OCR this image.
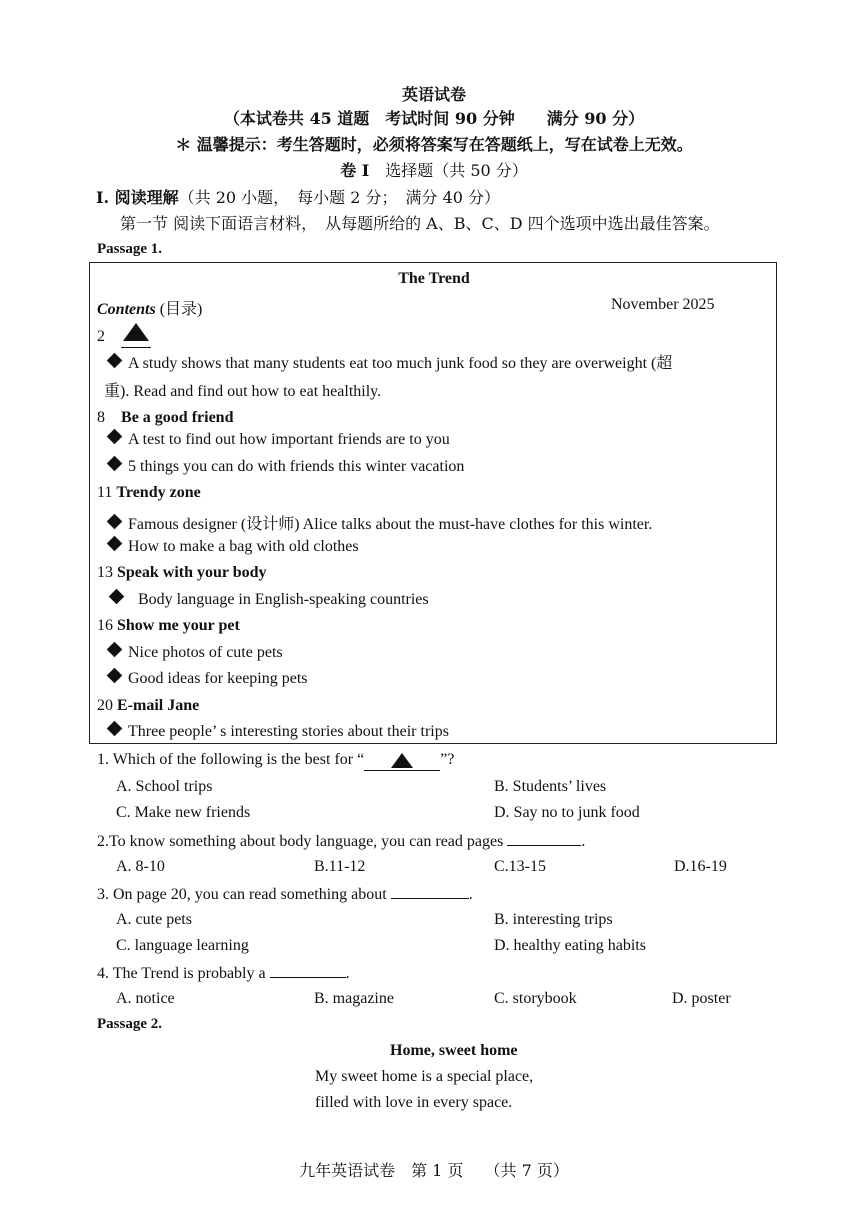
英语试卷
（本试卷共 45 道题　考试时间 90 分钟　　满分 90 分）
＊ 温馨提示：考生答题时，必须将答案写在答题纸上，写在试卷上无效。
卷 I　选择题（共 50 分）
I. 阅读理解（共 20 小题，　每小题 2 分；　满分 40 分）
第一节 阅读下面语言材料，　从每题所给的 A、B、C、D 四个选项中选出最佳答案。
Passage 1.
The Trend
Contents (目录)	November 2025
2
A study shows that many students eat too much junk food so they are overweight (超
重). Read and find out how to eat healthily.
8　 Be a good friend
A test to find out how important friends are to you
5 things you can do with friends this winter vacation
11 Trendy zone
Famous designer (设计师) Alice talks about the must-have clothes for this winter.
How to make a bag with old clothes
13 Speak with your body
Body language in English-speaking countries
16 Show me your pet
Nice photos of cute pets
Good ideas for keeping pets
20 E-mail Jane
Three people’ s interesting stories about their trips
1. Which of the following is the best for “	”?
A. School trips	B. Students’ lives
C. Make new friends	D. Say no to junk food
2.To know something about body language, you can read pages	.
A. 8-10	B.11-12	C.13-15	D.16-19
3. On page 20, you can read something about	.
A. cute pets	B. interesting trips
C. language learning	D. healthy eating habits
4. The Trend is probably a	.
A. notice	B. magazine	C. storybook	D. poster
Passage 2.
Home, sweet home
My sweet home is a special place,
filled with love in every space.
九年英语试卷　第 1 页　 （共 7 页）
